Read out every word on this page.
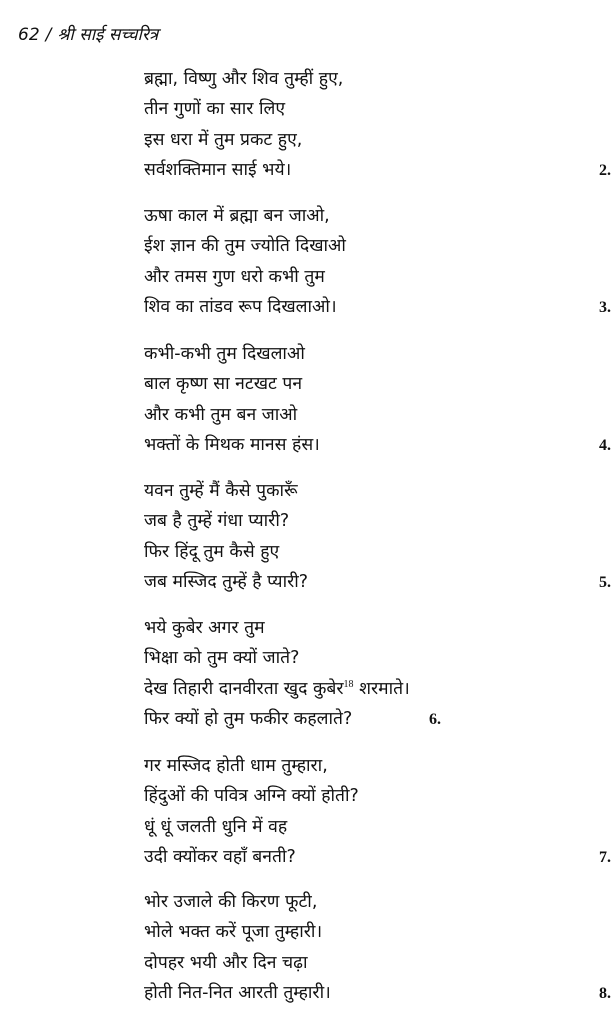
62 / श्री साई सच्चरित्र
ब्रह्मा, विष्णु और शिव तुम्हीं हुए,
तीन गुणों का सार लिए
इस धरा में तुम प्रकट हुए,
सर्वशक्तिमान साई भये।	2.
ऊषा काल में ब्रह्मा बन जाओ,
ईश ज्ञान की तुम ज्योति दिखाओ
और तमस गुण धरो कभी तुम
शिव का तांडव रूप दिखलाओ।	3.
कभी-कभी तुम दिखलाओ
बाल कृष्ण सा नटखट पन
और कभी तुम बन जाओ
भक्तों के मिथक मानस हंस।	4.
यवन तुम्हें मैं कैसे पुकारूँ
जब है तुम्हें गंधा प्यारी?
फिर हिंदू तुम कैसे हुए
जब मस्जिद तुम्हें है प्यारी?	5.
भये कुबेर अगर तुम
भिक्षा को तुम क्यों जाते?
देख तिहारी दानवीरता खुद कुबेर$^{18}$ शरमाते।
फिर क्यों हो तुम फकीर कहलाते?	6.
गर मस्जिद होती धाम तुम्हारा,
हिंदुओं की पवित्र अग्नि क्यों होती?
धूं धूं जलती धुनि में वह
उदी क्योंकर वहाँ बनती?	7.
भोर उजाले की किरण फूटी,
भोले भक्त करें पूजा तुम्हारी।
दोपहर भयी और दिन चढ़ा
होती नित-नित आरती तुम्हारी।	8.
